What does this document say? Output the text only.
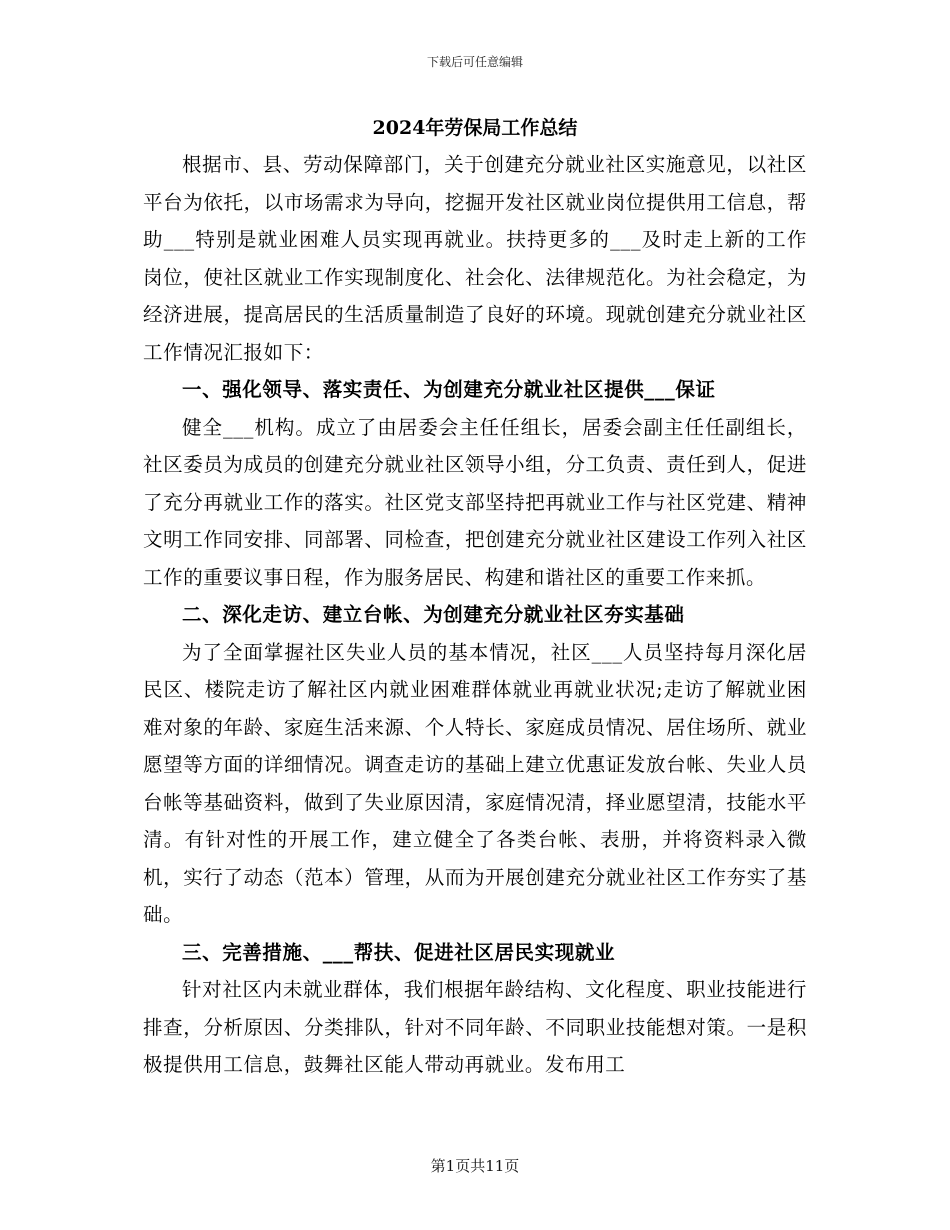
下载后可任意编辑
2024年劳保局工作总结

根据市、县、劳动保障部门，关于创建充分就业社区实施意见，以社区平台为依托，以市场需求为导向，挖掘开发社区就业岗位提供用工信息，帮助___特别是就业困难人员实现再就业。扶持更多的___及时走上新的工作岗位，使社区就业工作实现制度化、社会化、法律规范化。为社会稳定，为经济进展，提高居民的生活质量制造了良好的环境。现就创建充分就业社区工作情况汇报如下：

一、强化领导、落实责任、为创建充分就业社区提供___保证

健全___机构。成立了由居委会主任任组长，居委会副主任任副组长，社区委员为成员的创建充分就业社区领导小组，分工负责、责任到人，促进了充分再就业工作的落实。社区党支部坚持把再就业工作与社区党建、精神文明工作同安排、同部署、同检查，把创建充分就业社区建设工作列入社区工作的重要议事日程，作为服务居民、构建和谐社区的重要工作来抓。

二、深化走访、建立台帐、为创建充分就业社区夯实基础

为了全面掌握社区失业人员的基本情况，社区___人员坚持每月深化居民区、楼院走访了解社区内就业困难群体就业再就业状况;走访了解就业困难对象的年龄、家庭生活来源、个人特长、家庭成员情况、居住场所、就业愿望等方面的详细情况。调查走访的基础上建立优惠证发放台帐、失业人员台帐等基础资料，做到了失业原因清，家庭情况清，择业愿望清，技能水平清。有针对性的开展工作，建立健全了各类台帐、表册，并将资料录入微机，实行了动态（范本）管理，从而为开展创建充分就业社区工作夯实了基础。

三、完善措施、___帮扶、促进社区居民实现就业

针对社区内未就业群体，我们根据年龄结构、文化程度、职业技能进行排查，分析原因、分类排队，针对不同年龄、不同职业技能想对策。一是积极提供用工信息，鼓舞社区能人带动再就业。发布用工

第1页共11页
